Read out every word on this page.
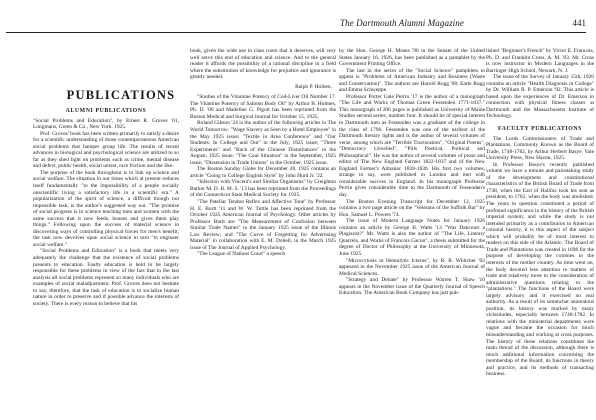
The Dartmouth Alumni Magazine	441
PUBLICATIONS
ALUMNI PUBLICATIONS

"Social Problems and Education", by Ernest R. Groves '01, Longmans, Green & Co., New York. 1925.

Prof. Groves' book has been written primarily to satisfy a desire for a scientific understanding of those contemporaneous American social problems that hamper group life. The results of recent advances in biological and psychological science are utilized to so far as they shed light on problems such as crime, mental disease and defect, public health, social unrest, race friction and the like.

The purpose of the book throughout is to link up science and social welfare. The situation in our times which at present reduces itself fundamentally "to the impossibility of a people socially unscientific living a satisfactory life in a scientific era." A popularization of the spirit of science, a difficult though not impossible task, is the author's suggested way out. "The promise of social progress is in science teaching men and women with the same success that it now feeds, houses and gives them play things." Following upon the success of material science in discovering ways of controlling physical forces for men's benefit, the task now devolves upon social science in turn "to engineer social welfare."

"Social Problems and Education" is a book that meets very adequately the challenge that the existence of social problems presents to education. Faulty education is held to be largely responsible for these problems in view of the fact that in the last analysis all social problems represent so many individuals who are examples of social maladjustment. Prof. Groves does not hesitate to say, therefore, that the task of education is to socialize human nature in order to preserve and if possible advance the interests of society. There is every reason to believe that his

book, given the wide use in class room that it deserves, will very well serve this end of education and science. And to the general reader it affords the possibility of a rational discipline in a field where the substitution of knowledge for prejudice and ignorance is greatly needed.

Ralph P. Holben.

"Studies of the Vitamine Potency of Cod-Liver Oil Number 17. The Vitamine Potency of Salmon Body Oil" by Arthur B. Holmes, Ph. D. '06 and Madeline G. Pigott has been reprinted from the Boston Medical and Surgical Journal for October 15, 1925.

Roland Gibson '24 is the author of the following articles in The World Tomorrow: "Wage Slavery as Seen by a Hotel Employee" in the May 1925 issue; "Textile in Area Conference" and "Our Students: In College and Out" in the July, 1925 issue; "Three Experiments" and "Back of the Chinese Disturbances" in the August, 1925 issue; "The Coal Situation" in the September, 1925 issue; "Dissension in Trade Unions" in the October, 1925 issue.

The Boston Sunday Globe for December 20, 1925 contains an article "Going to College English Style" by John Hurd Jr. '22.

"Infection with Vincent's and Similar Organisms" by Creighton Barker M. D. B. M. S. '13 has been reprinted from the Proceedings of the Connecticut State Medical Society for 1925.

"The Patellar Tendon Reflex and Affective Tone" by Professor H. E. Burtt '11 and W. W. Tuttle has been reprinted from the October 1925 American Journal of Psychology. Other articles by Professor Burtt are "The Measurement of Confusion between Similar Trade Names" in the January 1925 issue of the Illinois Law Review; and "The Curve of Forgetting for Advertising Material" in collaboration with E. M. Dobell, in the March 1925 issue of The Journal of Applied Psychology.

"The League of Nations Court" a speech

by the Hon. George H. Moses '90 in the Senate of the United States January 16, 1926, has been published as a pamphlet by the Government Printing Office.

The last in the series of the "Social Science" pamphlets to appear is "Problems of American Industry and Business (Waste and Conservation)". The authors are Harold Rugg '08, Earle Rugg and Emma Schweppe.

Professor Porter Gale Perrin '17 is the author of a monograph "The Life and Works of Thomas Green Fessenden 1771-1837." This monograph of 206 pages is published as University of Maine Studies second series, number four. It should be of special interest to Dartmouth men as Fessenden was a graduate of the college in the class of 1796. Fessenden was one of the earliest of the Dartmouth literary lights and is the author of several volumes of verse, among which are "Terrible Tractoration", "Original Poems", "Democracy Unveiled", "Pills Poetical, Political and Philosophical". He was the author of several volumes of prose and editor of The New England Farmer 1822-1837 and of the New England Farmer's Almanac 1828-1836. His first two volumes, strange to say, were published in London and met with considerable success in England. In his monograph Professor Perrin gives considerable time to the Dartmouth of Fessenden's day.

The Boston Evening Transcript for December 12, 1925 contains a two page article on the "Veterans of the Suffolk Bar" by Hon. Samuel L. Powers '74.

The issue of Modern Language Notes for January 1926 contains an article by George B. Watts '13 "Was Dancourt a Plagiarist?" Mr. Watts is also the author of "The Life, Literary Quarrels, and Works of Francois Gacon", a thesis submitted for the degree of Doctor of Philosophy at the University of Minnesota, June 1925.

"Microcytosis in Hemolytic Icterus", by R. R. Whitcher '02 appeared in the November 1925 issue of the American Journal of Medical Sciences.

"Strategy and Debate" by Professor Warren T. Shaw '10 appears in the November issue of the Quarterly Journal of Speech Education. The American Book Company has just pub-

lished "Beginner's French" by Victor E. Francois, Ph. D. and Franklin Cross, A. M. '03. Mr. Cross is now instructor in Modern Languages in the Barringer High School, Newark, N. J.

The issue of the Survey of January 15th, 1926 contains an article "Health Diagnosis in College" by Dr. William R. P. Emerson '92. This article is based upon the experiences of Dr. Emerson in connection with physical fitness classes at Dartmouth and the Massachusetts Institute of Technology.

FACULTY PUBLICATIONS

The Lords Commissioners of Trade and Plantations, Commonly Known as the Board of Trade, 1748-1782, by Arthur Herbert Basye. Yale University Press, New Haven, 1925.

In Professor Basye's recently published volume we have a minute and painstaking study of the development and constitutional characteristics of the British Board of Trade from 1748, when the Earl of Halifax took his seat as president, to 1782, when the body was abolished. The years in question constituted a period of profound significance in the history of the British imperial system; and while the study is not intended primarily as a contribution to American colonial history, it is this aspect of the subject which will probably be of most interest to readers on this side of the Atlantic. The Board of Trade and Plantations was created in 1696 for the purpose of developing the colonies in the interests of the mother country. As time went on, the body devoted less attention to matters of trade and relatively more to the consideration of administrative questions relating to the "plantations." The functions of the Board were largely advisory and it exercised no real authority. As a result of its somewhat anomalous position, its history was marked by many vicissitudes, especially between 1748-1782. In relations with the ministerial departments were vague and became the occasion for much misunderstanding and working at cross purposes. The history of these relations constitutes the main thread of the discussion, although there is much additional information concerning the membership of the Board, its functions in theory and practice, and its methods of transacting business.
